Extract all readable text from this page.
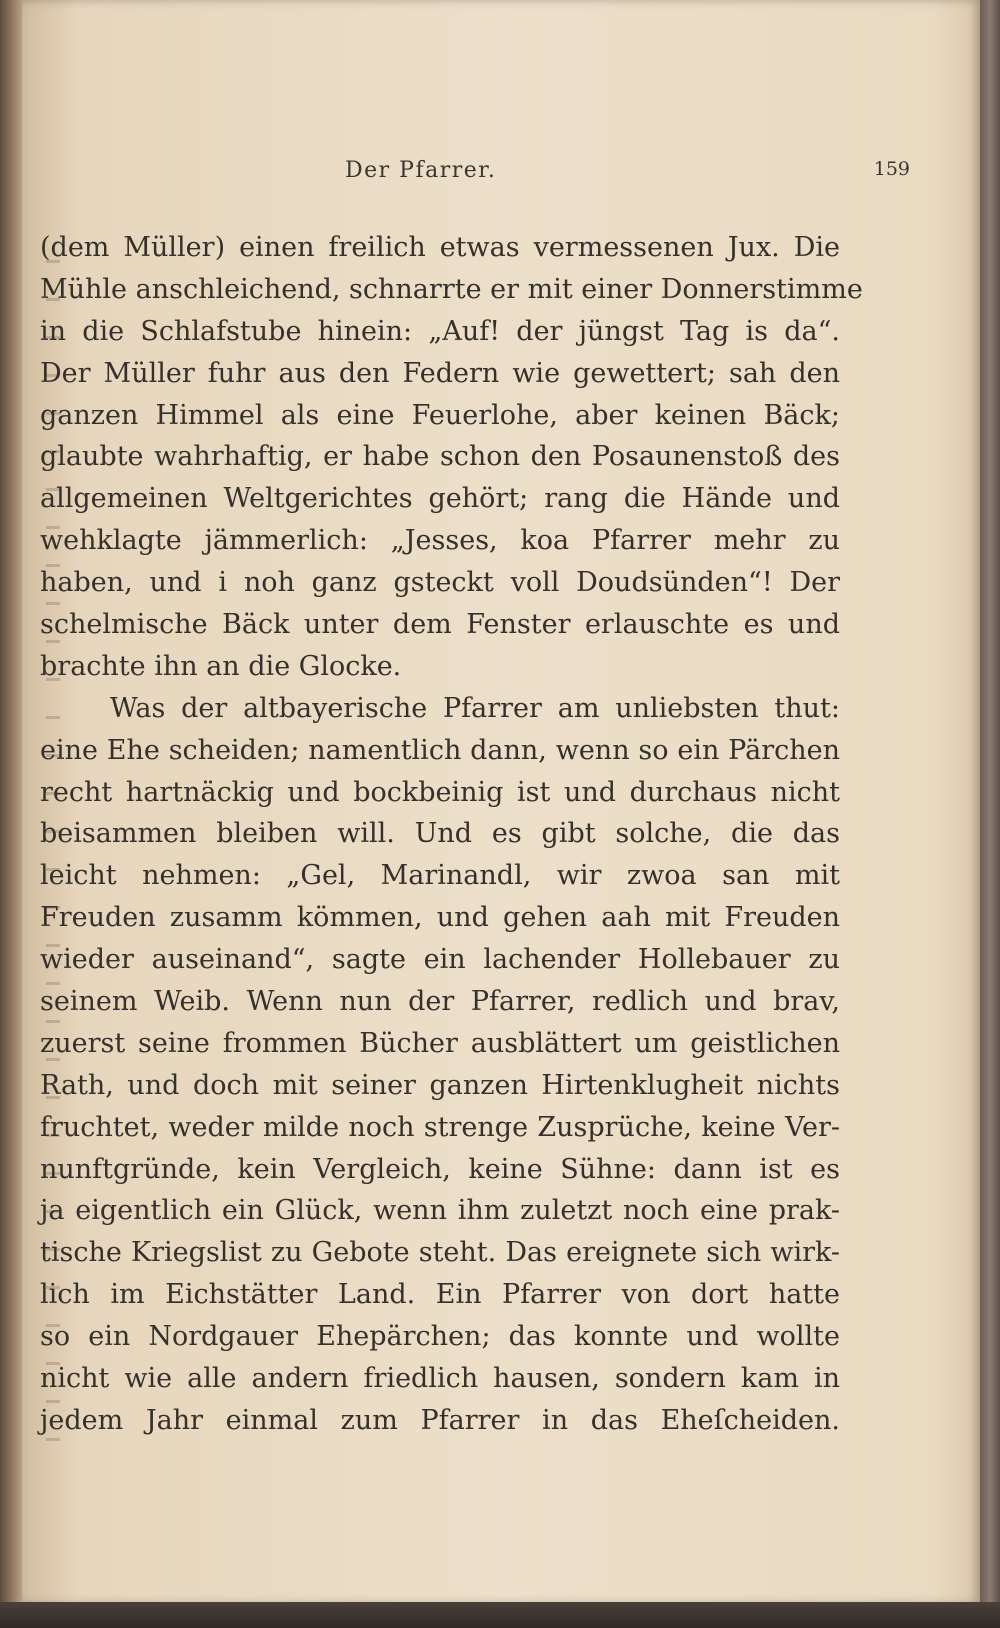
Der Pfarrer.	159
(dem Müller) einen freilich etwas vermessenen Jux. Die
Mühle anschleichend, schnarrte er mit einer Donnerstimme
in die Schlafstube hinein: „Auf! der jüngst Tag is da“.
Der Müller fuhr aus den Federn wie gewettert; sah den
ganzen Himmel als eine Feuerlohe, aber keinen Bäck;
glaubte wahrhaftig, er habe schon den Posaunenstoß des
allgemeinen Weltgerichtes gehört; rang die Hände und
wehklagte jämmerlich: „Jesses, koa Pfarrer mehr zu
haben, und i noh ganz gsteckt voll Doudsünden“! Der
schelmische Bäck unter dem Fenster erlauschte es und
brachte ihn an die Glocke.
Was der altbayerische Pfarrer am unliebsten thut:
eine Ehe scheiden; namentlich dann, wenn so ein Pärchen
recht hartnäckig und bockbeinig ist und durchaus nicht
beisammen bleiben will. Und es gibt solche, die das
leicht nehmen: „Gel, Marinandl, wir zwoa san mit
Freuden zusamm kömmen, und gehen aah mit Freuden
wieder auseinand“, sagte ein lachender Hollebauer zu
seinem Weib. Wenn nun der Pfarrer, redlich und brav,
zuerst seine frommen Bücher ausblättert um geistlichen
Rath, und doch mit seiner ganzen Hirtenklugheit nichts
fruchtet, weder milde noch strenge Zusprüche, keine Ver-
nunftgründe, kein Vergleich, keine Sühne: dann ist es
ja eigentlich ein Glück, wenn ihm zuletzt noch eine prak-
tische Kriegslist zu Gebote steht. Das ereignete sich wirk-
lich im Eichstätter Land. Ein Pfarrer von dort hatte
so ein Nordgauer Ehepärchen; das konnte und wollte
nicht wie alle andern friedlich hausen, sondern kam in
jedem Jahr einmal zum Pfarrer in das Eheſcheiden.
